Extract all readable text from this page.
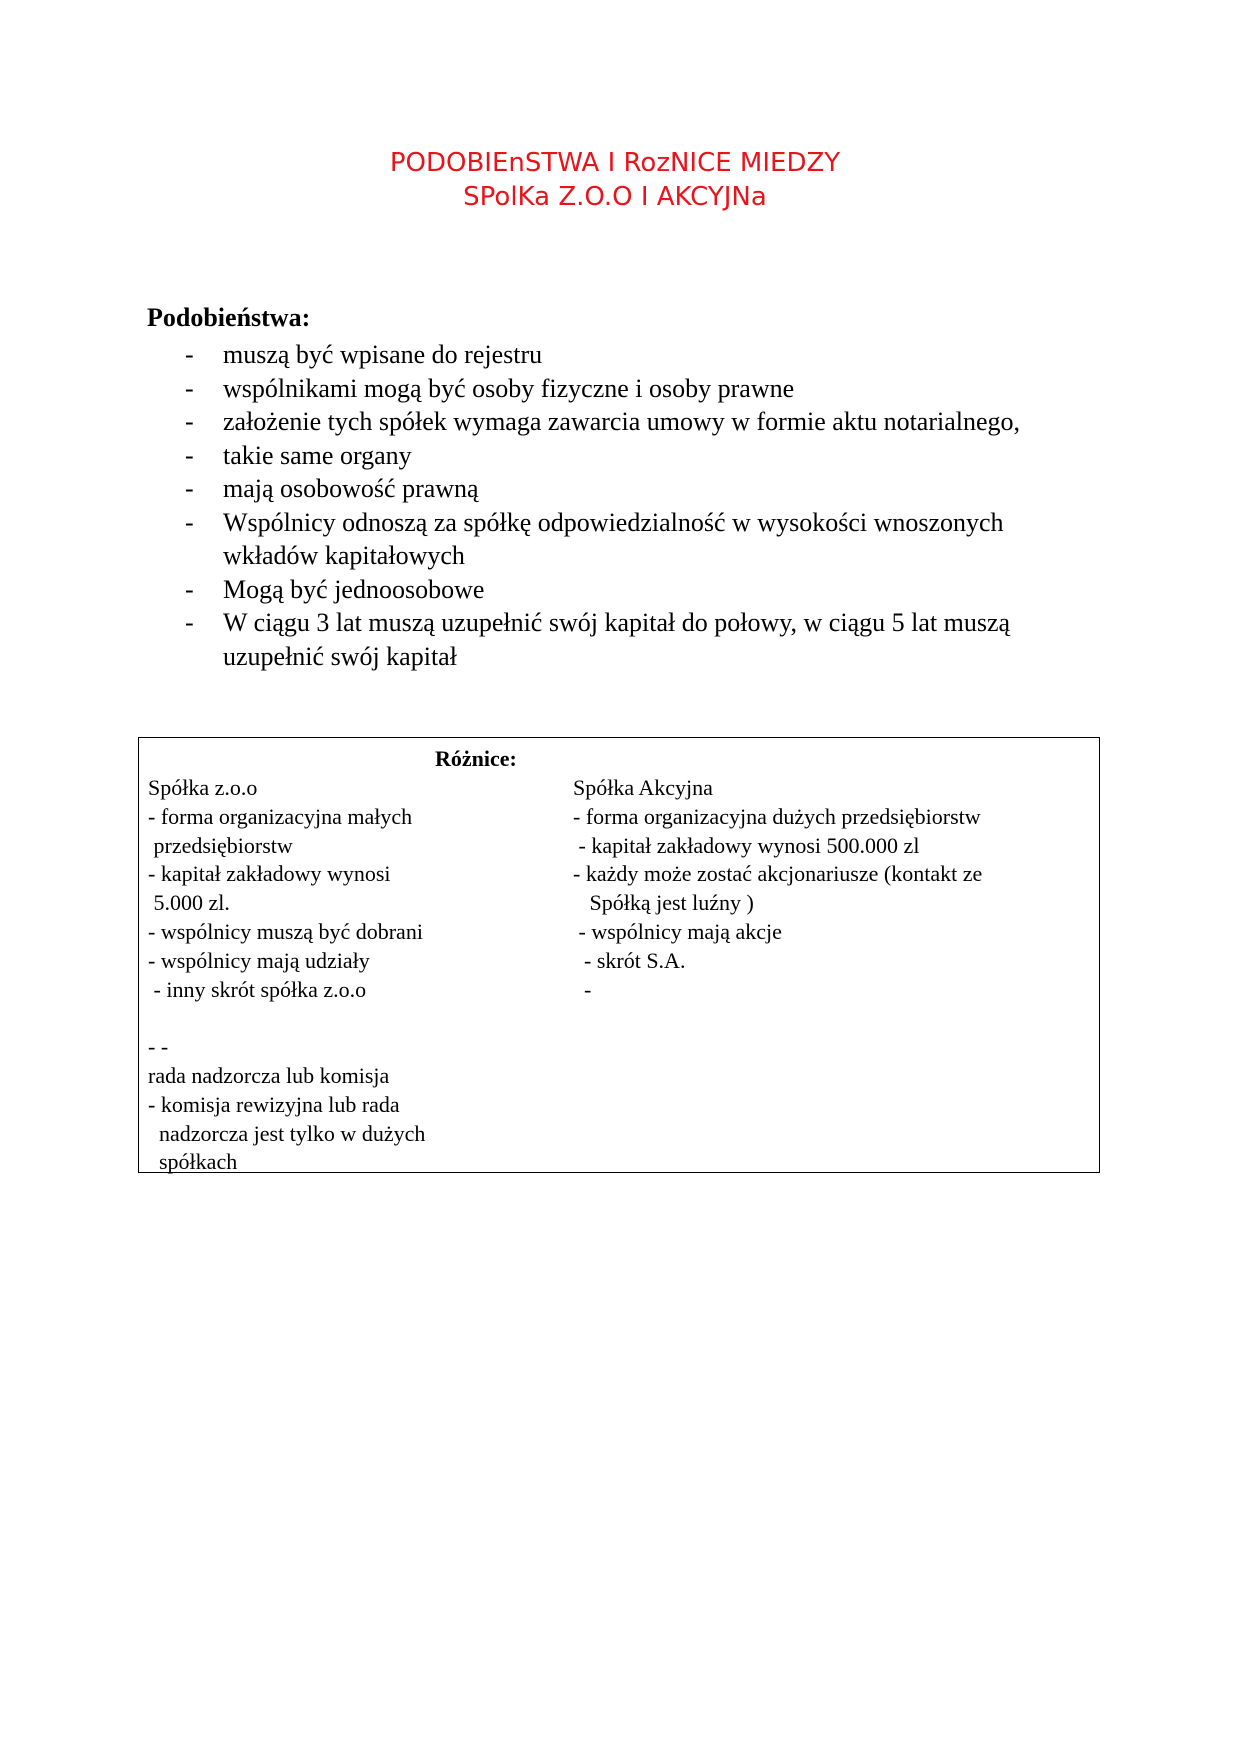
PODOBIEnSTWA I RozNICE MIEDZY
SPolKa Z.O.O I AKCYJNa
Podobieństwa:
- muszą być wpisane do rejestru
- wspólnikami mogą być osoby fizyczne i osoby prawne
- założenie tych spółek wymaga zawarcia umowy w formie aktu notarialnego,
- takie same organy
- mają osobowość prawną
- Wspólnicy odnoszą za spółkę odpowiedzialność w wysokości wnoszonych wkładów kapitałowych
- Mogą być jednoosobowe
- W ciągu 3 lat muszą uzupełnić swój kapitał do połowy, w ciągu 5 lat muszą uzupełnić swój kapitał
Różnice:
Spółka z.o.o
- forma organizacyjna małych
przedsiębiorstw
- kapitał zakładowy wynosi
5.000 zl.
- wspólnicy muszą być dobrani
- wspólnicy mają udziały
- inny skrót spółka z.o.o

- -
rada nadzorcza lub komisja
- komisja rewizyjna lub rada
nadzorcza jest tylko w dużych
spółkach
Spółka Akcyjna
- forma organizacyjna dużych przedsiębiorstw
- kapitał zakładowy wynosi 500.000 zl
- każdy może zostać akcjonariusze (kontakt ze
Spółką jest luźny )
- wspólnicy mają akcje
- skrót S.A.
-
